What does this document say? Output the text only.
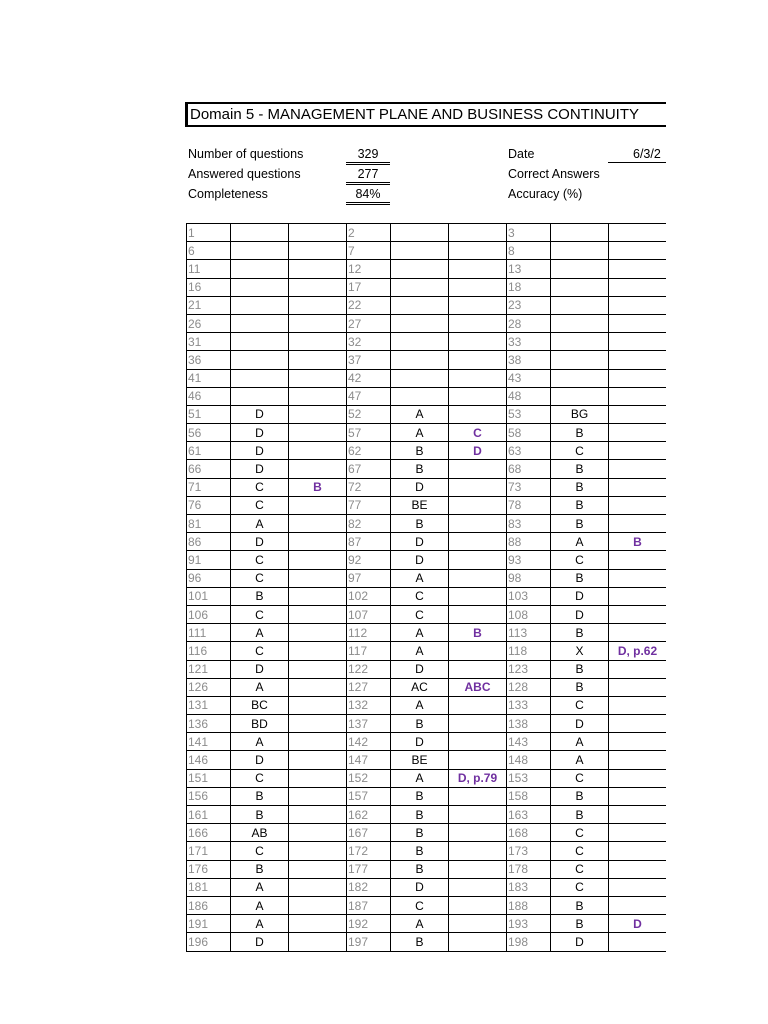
Domain 5 - MANAGEMENT PLANE AND BUSINESS CONTINUITY
Number of questions	329
Answered questions	277
Completeness	84%
Date	6/3/2
Correct Answers
Accuracy (%)
1			2			3		
6			7			8		
11			12			13		
16			17			18		
21			22			23		
26			27			28		
31			32			33		
36			37			38		
41			42			43		
46			47			48		
51	D		52	A		53	BG	
56	D		57	A	C	58	B	
61	D		62	B	D	63	C	
66	D		67	B		68	B	
71	C	B	72	D		73	B	
76	C		77	BE		78	B	
81	A		82	B		83	B	
86	D		87	D		88	A	B
91	C		92	D		93	C	
96	C		97	A		98	B	
101	B		102	C		103	D	
106	C		107	C		108	D	
111	A		112	A	B	113	B	
116	C		117	A		118	X	D, p.62
121	D		122	D		123	B	
126	A		127	AC	ABC	128	B	
131	BC		132	A		133	C	
136	BD		137	B		138	D	
141	A		142	D		143	A	
146	D		147	BE		148	A	
151	C		152	A	D, p.79	153	C	
156	B		157	B		158	B	
161	B		162	B		163	B	
166	AB		167	B		168	C	
171	C		172	B		173	C	
176	B		177	B		178	C	
181	A		182	D		183	C	
186	A		187	C		188	B	
191	A		192	A		193	B	D
196	D		197	B		198	D	
